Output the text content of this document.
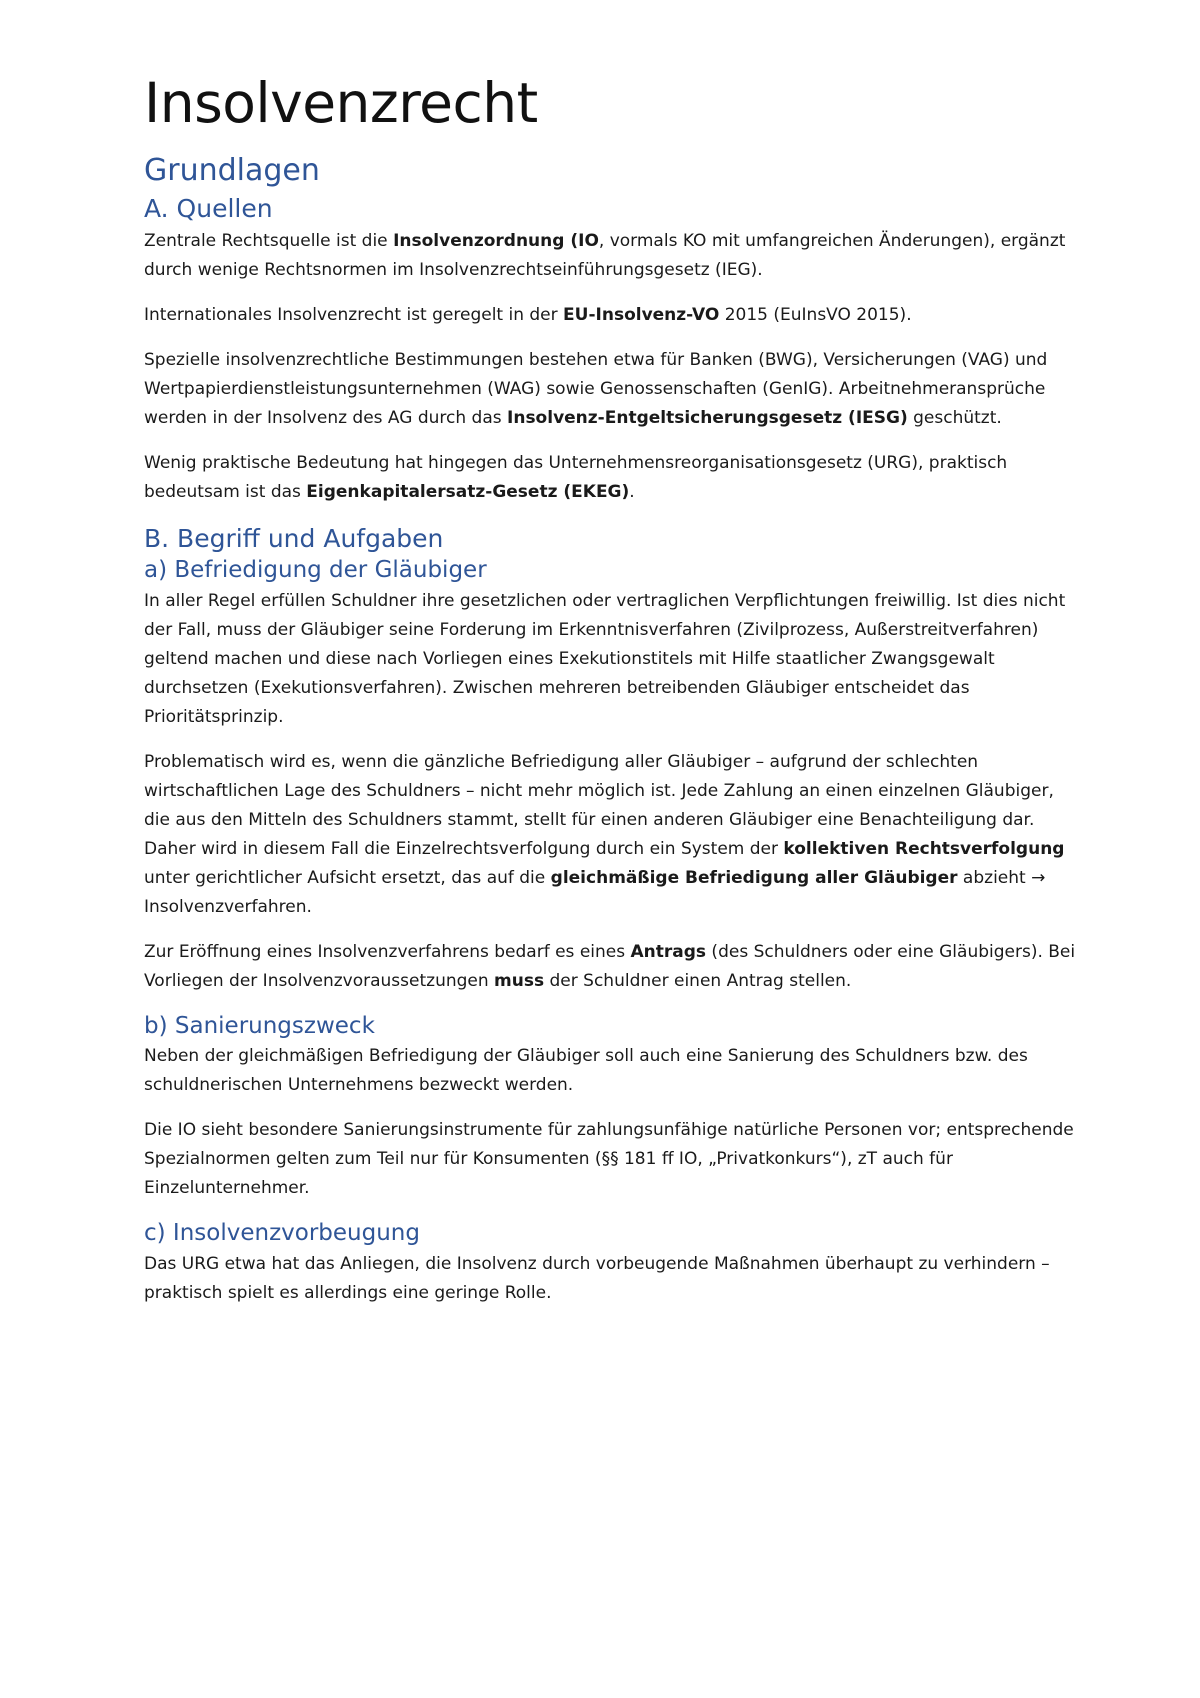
Insolvenzrecht
Grundlagen
A. Quellen

Zentrale Rechtsquelle ist die Insolvenzordnung (IO, vormals KO mit umfangreichen Änderungen), ergänzt durch wenige Rechtsnormen im Insolvenzrechtseinführungsgesetz (IEG).

Internationales Insolvenzrecht ist geregelt in der EU-Insolvenz-VO 2015 (EuInsVO 2015).

Spezielle insolvenzrechtliche Bestimmungen bestehen etwa für Banken (BWG), Versicherungen (VAG) und Wertpapierdienstleistungsunternehmen (WAG) sowie Genossenschaften (GenIG). Arbeitnehmeransprüche werden in der Insolvenz des AG durch das Insolvenz-Entgeltsicherungsgesetz (IESG) geschützt.

Wenig praktische Bedeutung hat hingegen das Unternehmensreorganisationsgesetz (URG), praktisch bedeutsam ist das Eigenkapitalersatz-Gesetz (EKEG).

B. Begriff und Aufgaben
a) Befriedigung der Gläubiger

In aller Regel erfüllen Schuldner ihre gesetzlichen oder vertraglichen Verpflichtungen freiwillig. Ist dies nicht der Fall, muss der Gläubiger seine Forderung im Erkenntnisverfahren (Zivilprozess, Außerstreitverfahren) geltend machen und diese nach Vorliegen eines Exekutionstitels mit Hilfe staatlicher Zwangsgewalt durchsetzen (Exekutionsverfahren). Zwischen mehreren betreibenden Gläubiger entscheidet das Prioritätsprinzip.

Problematisch wird es, wenn die gänzliche Befriedigung aller Gläubiger – aufgrund der schlechten wirtschaftlichen Lage des Schuldners – nicht mehr möglich ist. Jede Zahlung an einen einzelnen Gläubiger, die aus den Mitteln des Schuldners stammt, stellt für einen anderen Gläubiger eine Benachteiligung dar. Daher wird in diesem Fall die Einzelrechtsverfolgung durch ein System der kollektiven Rechtsverfolgung unter gerichtlicher Aufsicht ersetzt, das auf die gleichmäßige Befriedigung aller Gläubiger abzieht → Insolvenzverfahren.

Zur Eröffnung eines Insolvenzverfahrens bedarf es eines Antrags (des Schuldners oder eine Gläubigers). Bei Vorliegen der Insolvenzvoraussetzungen muss der Schuldner einen Antrag stellen.

b) Sanierungszweck

Neben der gleichmäßigen Befriedigung der Gläubiger soll auch eine Sanierung des Schuldners bzw. des schuldnerischen Unternehmens bezweckt werden.

Die IO sieht besondere Sanierungsinstrumente für zahlungsunfähige natürliche Personen vor; entsprechende Spezialnormen gelten zum Teil nur für Konsumenten (§§ 181 ff IO, „Privatkonkurs“), zT auch für Einzelunternehmer.

c) Insolvenzvorbeugung

Das URG etwa hat das Anliegen, die Insolvenz durch vorbeugende Maßnahmen überhaupt zu verhindern – praktisch spielt es allerdings eine geringe Rolle.
